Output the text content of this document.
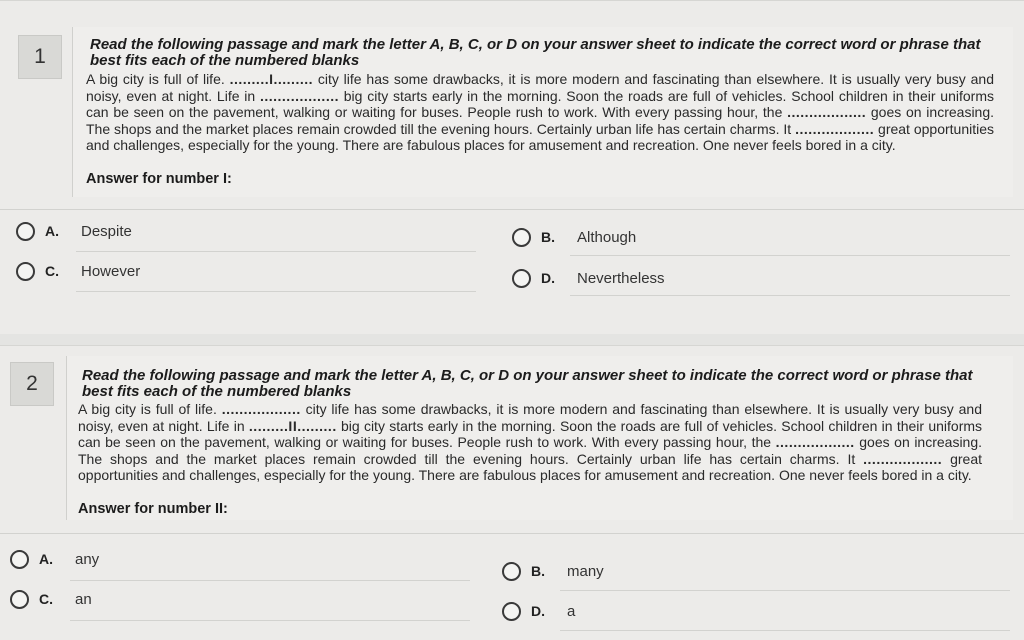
1

Read the following passage and mark the letter A, B, C, or D on your answer sheet to indicate the correct word or phrase that best fits each of the numbered blanks

A big city is full of life. .........I......... city life has some drawbacks, it is more modern and fascinating than elsewhere. It is usually very busy and noisy, even at night. Life in .................. big city starts early in the morning. Soon the roads are full of vehicles. School children in their uniforms can be seen on the pavement, walking or waiting for buses. People rush to work. With every passing hour, the .................. goes on increasing. The shops and the market places remain crowded till the evening hours. Certainly urban life has certain charms. It .................. great opportunities and challenges, especially for the young. There are fabulous places for amusement and recreation. One never feels bored in a city.

Answer for number I:

A.	Despite	B.	Although
C.	However	D.	Nevertheless
2	Read the following passage and mark the letter A, B, C, or D on your answer sheet to indicate the correct word or phrase that best fits each of the numbered blanks

A big city is full of life. .................. city life has some drawbacks, it is more modern and fascinating than elsewhere. It is usually very busy and noisy, even at night. Life in .........II......... big city starts early in the morning. Soon the roads are full of vehicles. School children in their uniforms can be seen on the pavement, walking or waiting for buses. People rush to work. With every passing hour, the .................. goes on increasing. The shops and the market places remain crowded till the evening hours. Certainly urban life has certain charms. It .................. great opportunities and challenges, especially for the young. There are fabulous places for amusement and recreation. One never feels bored in a city.

Answer for number II:

A.	any
B.	many
C.	an
D.	a
